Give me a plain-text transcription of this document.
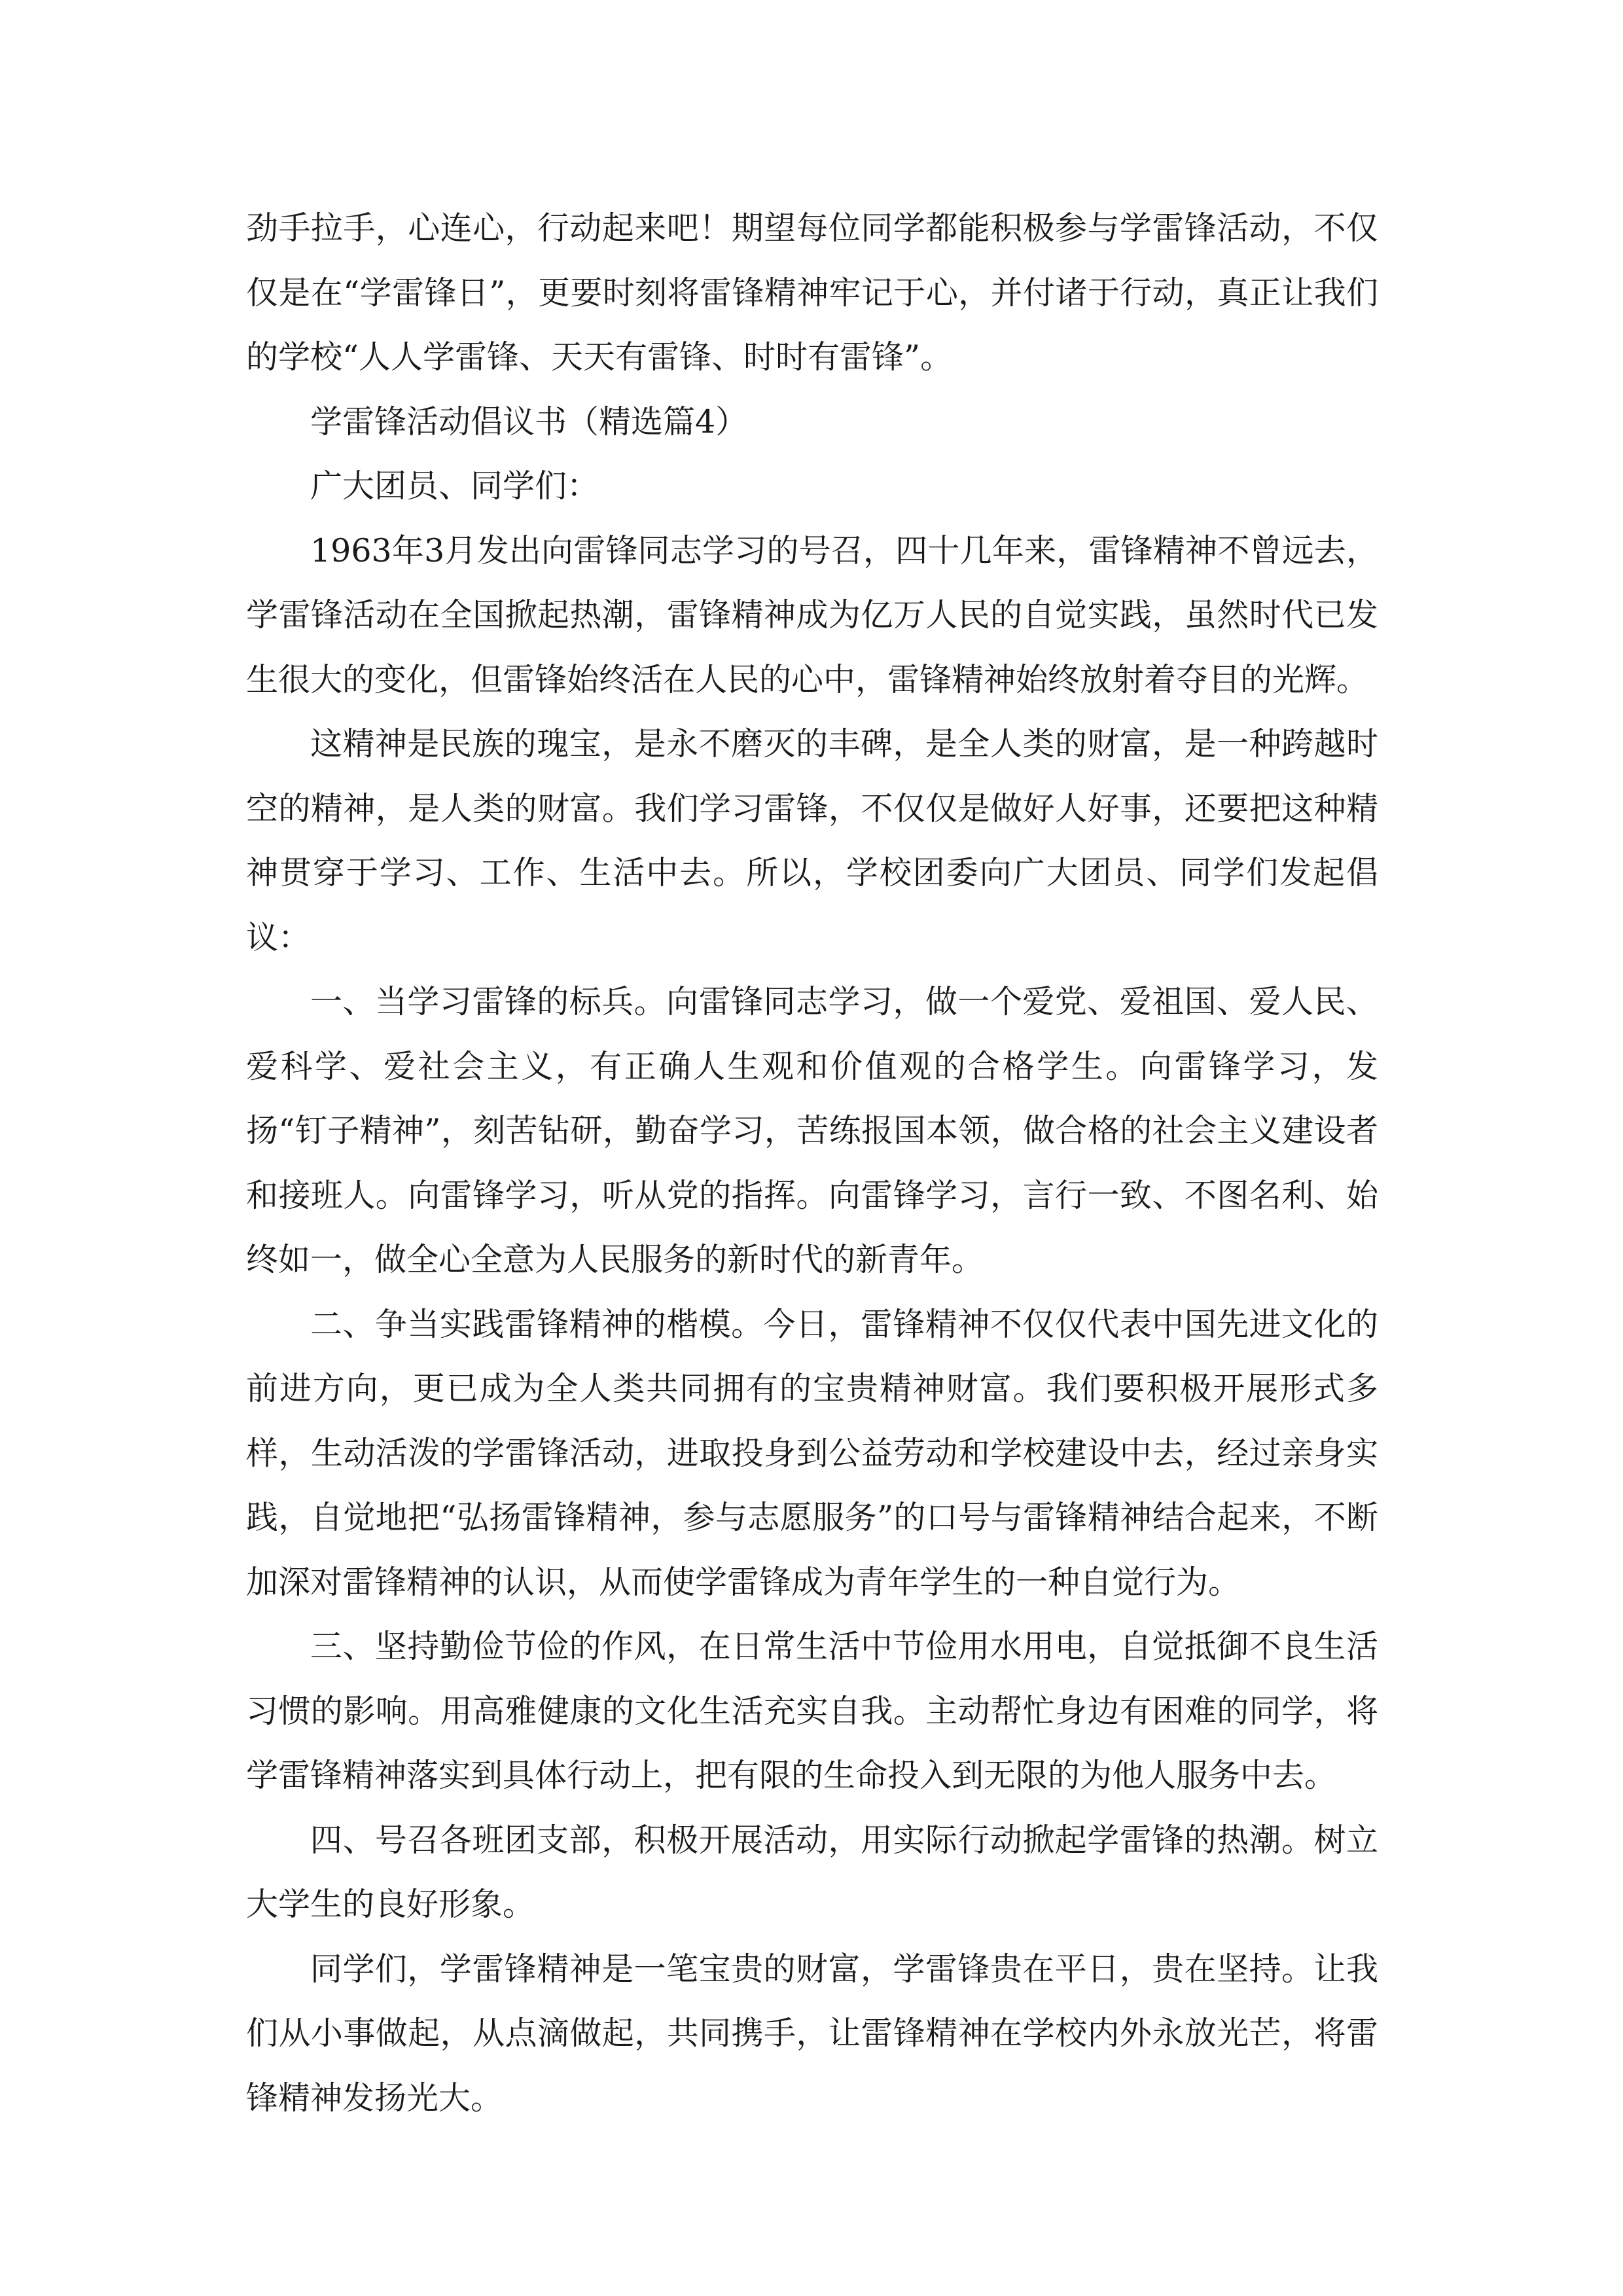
劲手拉手，心连心，行动起来吧！期望每位同学都能积极参与学雷锋活动，不仅仅是在“学雷锋日”，更要时刻将雷锋精神牢记于心，并付诸于行动，真正让我们的学校“人人学雷锋、天天有雷锋、时时有雷锋”。

学雷锋活动倡议书（精选篇4）

广大团员、同学们：

1963年3月发出向雷锋同志学习的号召，四十几年来，雷锋精神不曾远去，学雷锋活动在全国掀起热潮，雷锋精神成为亿万人民的自觉实践，虽然时代已发生很大的变化，但雷锋始终活在人民的心中，雷锋精神始终放射着夺目的光辉。

这精神是民族的瑰宝，是永不磨灭的丰碑，是全人类的财富，是一种跨越时空的精神，是人类的财富。我们学习雷锋，不仅仅是做好人好事，还要把这种精神贯穿于学习、工作、生活中去。所以，学校团委向广大团员、同学们发起倡议：

一、当学习雷锋的标兵。向雷锋同志学习，做一个爱党、爱祖国、爱人民、爱科学、爱社会主义，有正确人生观和价值观的合格学生。向雷锋学习，发扬“钉子精神”，刻苦钻研，勤奋学习，苦练报国本领，做合格的社会主义建设者和接班人。向雷锋学习，听从党的指挥。向雷锋学习，言行一致、不图名利、始终如一，做全心全意为人民服务的新时代的新青年。

二、争当实践雷锋精神的楷模。今日，雷锋精神不仅仅代表中国先进文化的前进方向，更已成为全人类共同拥有的宝贵精神财富。我们要积极开展形式多样，生动活泼的学雷锋活动，进取投身到公益劳动和学校建设中去，经过亲身实践，自觉地把“弘扬雷锋精神，参与志愿服务”的口号与雷锋精神结合起来，不断加深对雷锋精神的认识，从而使学雷锋成为青年学生的一种自觉行为。

三、坚持勤俭节俭的作风，在日常生活中节俭用水用电，自觉抵御不良生活习惯的影响。用高雅健康的文化生活充实自我。主动帮忙身边有困难的同学，将学雷锋精神落实到具体行动上，把有限的生命投入到无限的为他人服务中去。

四、号召各班团支部，积极开展活动，用实际行动掀起学雷锋的热潮。树立大学生的良好形象。

同学们，学雷锋精神是一笔宝贵的财富，学雷锋贵在平日，贵在坚持。让我们从小事做起，从点滴做起，共同携手，让雷锋精神在学校内外永放光芒，将雷锋精神发扬光大。
